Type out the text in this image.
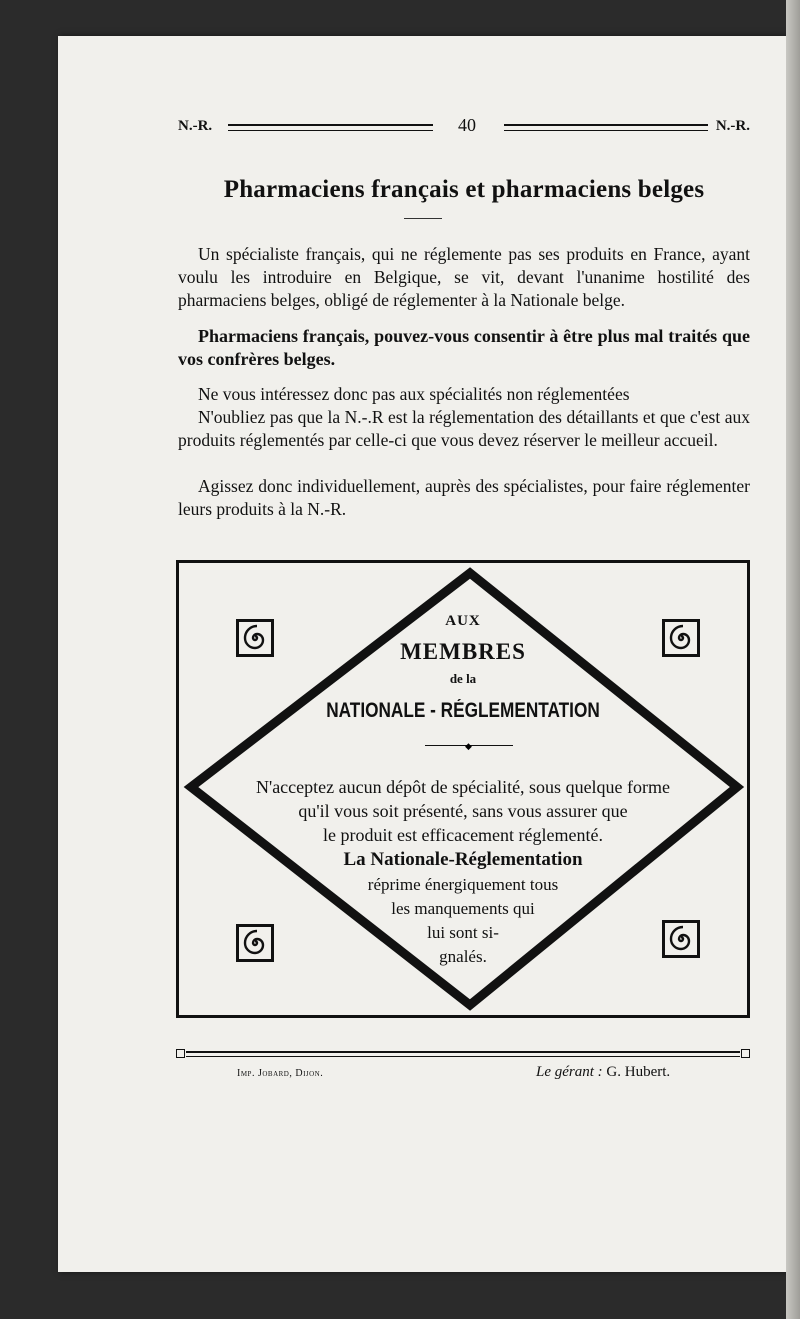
N.-R.	40	N.-R.
Pharmaciens français et pharmaciens belges
Un spécialiste français, qui ne réglemente pas ses produits en France, ayant voulu les introduire en Belgique, se vit, devant l'unanime hostilité des pharmaciens belges, obligé de réglementer à la Nationale belge.
Pharmaciens français, pouvez-vous consentir à être plus mal traités que vos confrères belges.
Ne vous intéressez donc pas aux spécialités non réglementées
N'oubliez pas que la N.-.R est la réglementation des détaillants et que c'est aux produits réglementés par celle-ci que vous devez réserver le meilleur accueil.
Agissez donc individuellement, auprès des spécialistes, pour faire réglementer leurs produits à la N.-R.
AUX
MEMBRES
de la
NATIONALE - RÉGLEMENTATION
◆
N'acceptez aucun dépôt de spécialité, sous quelque forme
qu'il vous soit présenté, sans vous assurer que
le produit est efficacement réglementé.
La Nationale-Réglementation
réprime énergiquement tous
les manquements qui
lui sont si-
gnalés.
Imp. Jobard, Dijon.	Le gérant : G. Hubert.
